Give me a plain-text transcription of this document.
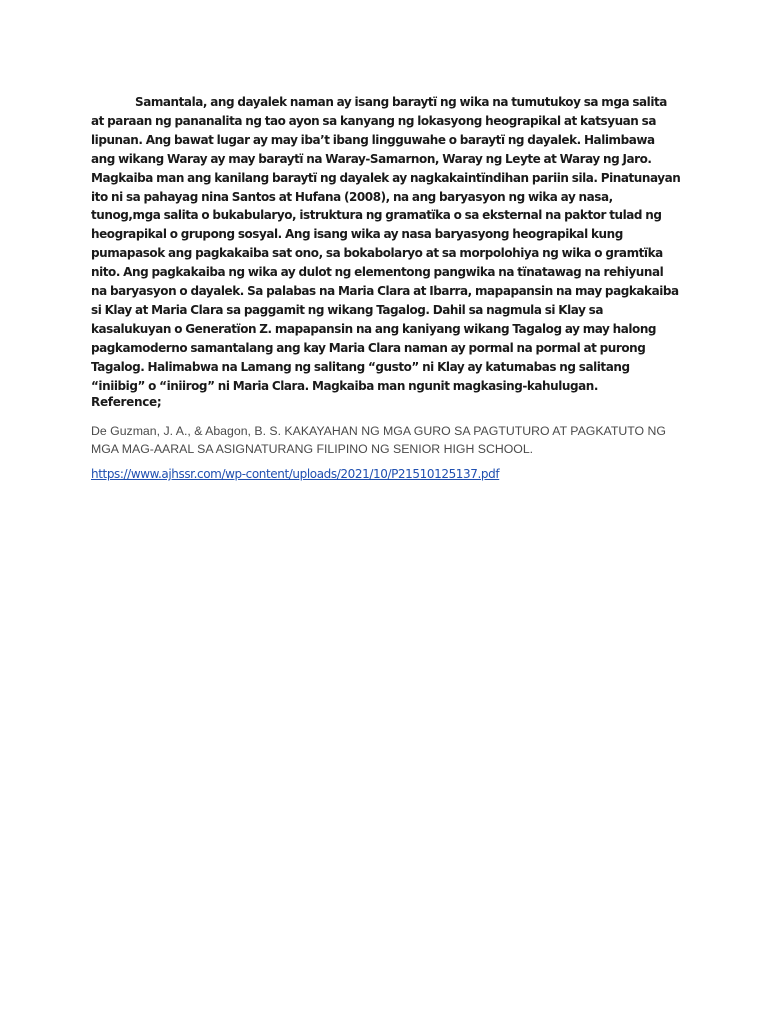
Samantala, ang dayalek naman ay isang baraytï ng wika na tumutukoy sa mga salita at paraan ng pananalita ng tao ayon sa kanyang ng lokasyong heograpikal at katsyuan sa lipunan. Ang bawat lugar ay may iba’t ibang lingguwahe o baraytï ng dayalek. Halimbawa ang wikang Waray ay may baraytï na Waray-Samarnon, Waray ng Leyte at Waray ng Jaro. Magkaiba man ang kanilang baraytï ng dayalek ay nagkakaintïndihan pariin sila. Pinatunayan ito ni sa pahayag nina Santos at Hufana (2008), na ang baryasyon ng wika ay nasa, tunog,mga salita o bukabularyo, istruktura ng gramatïka o sa eksternal na paktor tulad ng heograpikal o grupong sosyal. Ang isang wika ay nasa baryasyong heograpikal kung pumapasok ang pagkakaiba sat ono, sa bokabolaryo at sa morpolohiya ng wika o gramtïka nito. Ang pagkakaiba ng wika ay dulot ng elementong pangwika na tïnatawag na rehiyunal na baryasyon o dayalek. Sa palabas na Maria Clara at Ibarra, mapapansin na may pagkakaiba si Klay at Maria Clara sa paggamit ng wikang Tagalog. Dahil sa nagmula si Klay sa kasalukuyan o Generatïon Z. mapapansin na ang kaniyang wikang Tagalog ay may halong pagkamoderno samantalang ang kay Maria Clara naman ay pormal na pormal at purong Tagalog. Halimabwa na Lamang ng salitang “gusto” ni Klay ay katumabas ng salitang “iniibig” o “iniirog” ni Maria Clara. Magkaiba man ngunit magkasing-kahulugan.

Reference;

De Guzman, J. A., & Abagon, B. S. KAKAYAHAN NG MGA GURO SA PAGTUTURO AT PAGKATUTO NG MGA MAG-AARAL SA ASIGNATURANG FILIPINO NG SENIOR HIGH SCHOOL.

https://www.ajhssr.com/wp-content/uploads/2021/10/P21510125137.pdf
